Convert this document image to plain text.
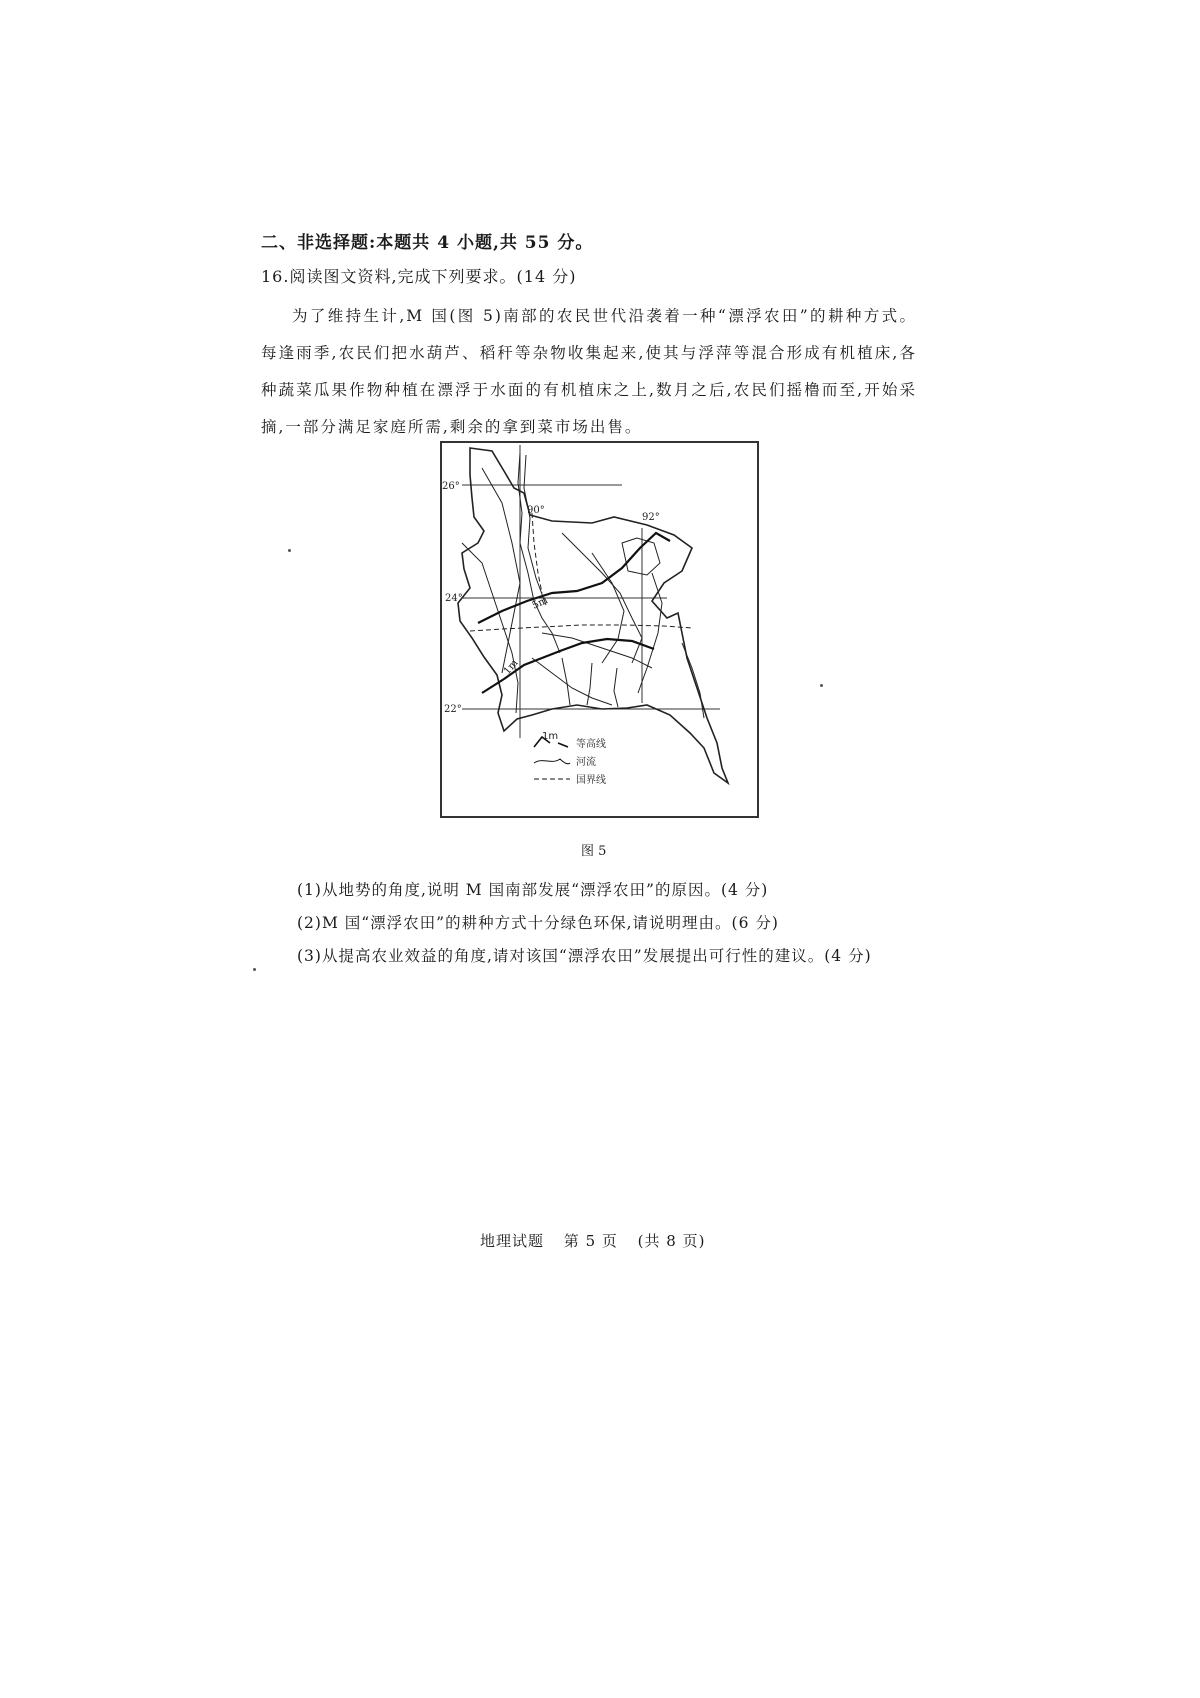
二、非选择题:本题共 4 小题,共 55 分。
16.阅读图文资料,完成下列要求。(14 分)
为了维持生计,M 国(图 5)南部的农民世代沿袭着一种“漂浮农田”的耕种方式。每逢雨季,农民们把水葫芦、稻秆等杂物收集起来,使其与浮萍等混合形成有机植床,各种蔬菜瓜果作物种植在漂浮于水面的有机植床之上,数月之后,农民们摇橹而至,开始采摘,一部分满足家庭所需,剩余的拿到菜市场出售。
26°
24°
22°
90°
92°
5m
1m
1m
等高线
河流
国界线
图 5
(1)从地势的角度,说明 M 国南部发展“漂浮农田”的原因。(4 分)
(2)M 国“漂浮农田”的耕种方式十分绿色环保,请说明理由。(6 分)
(3)从提高农业效益的角度,请对该国“漂浮农田”发展提出可行性的建议。(4 分)
地理试题 第 5 页 (共 8 页)
